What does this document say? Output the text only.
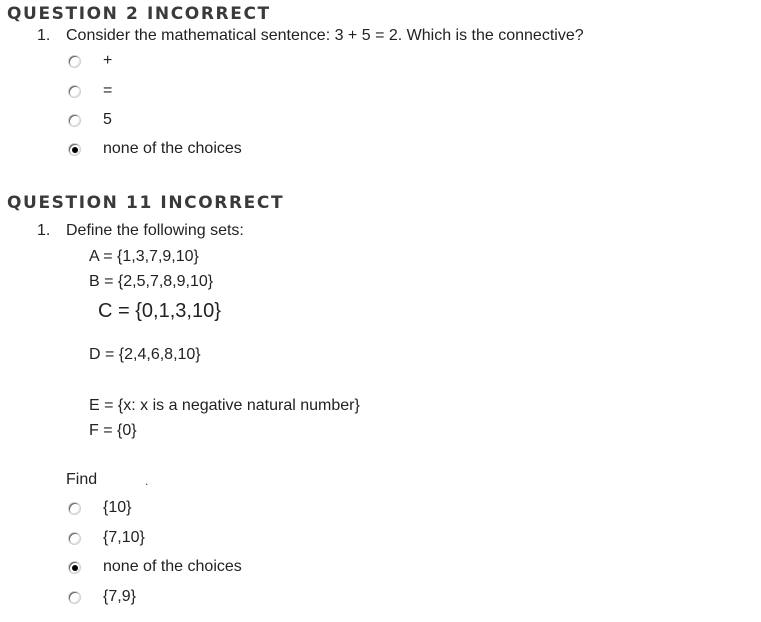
QUESTION 2 INCORRECT
1. Consider the mathematical sentence: 3 + 5 = 2. Which is the connective?
+
=
5
none of the choices
QUESTION 11 INCORRECT
1. Define the following sets:
A = {1,3,7,9,10}
B = {2,5,7,8,9,10}
C = {0,1,3,10}
D = {2,4,6,8,10}
E = {x: x is a negative natural number}
F = {0}
Find	.
{10}
{7,10}
none of the choices
{7,9}
